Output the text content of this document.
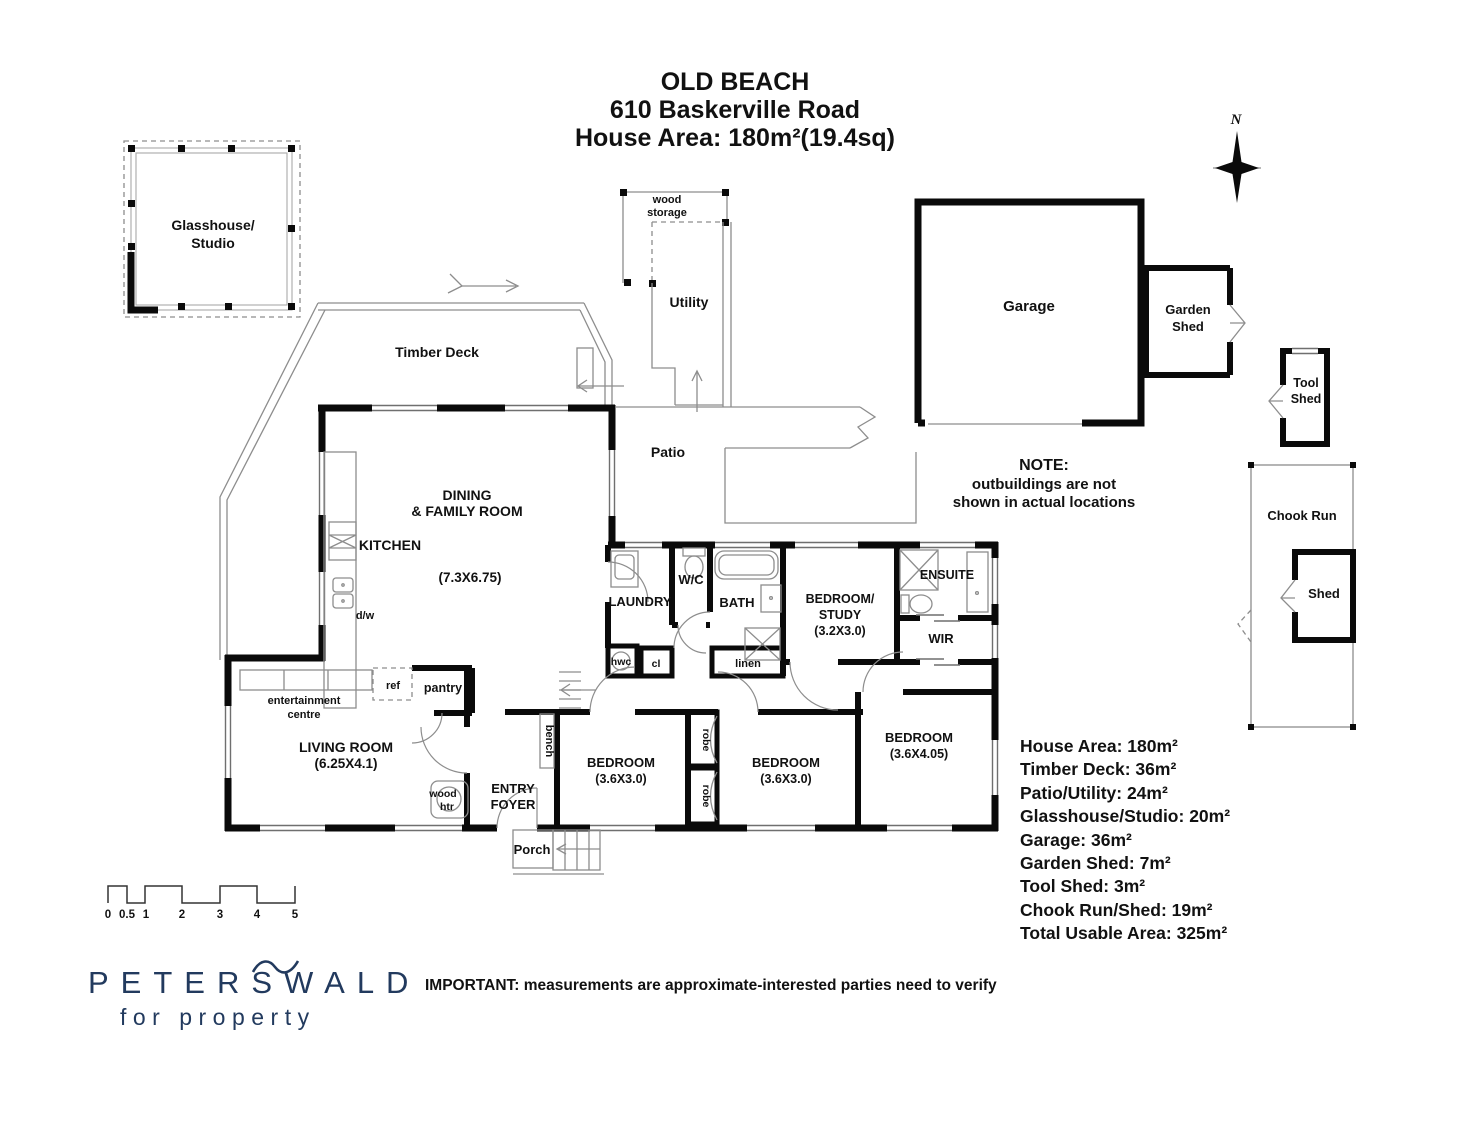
OLD BEACH
610 Baskerville Road
House Area: 180m²(19.4sq)
N
Glasshouse/
Studio
wood
storage
Utility
Patio
Garage	Garden
Shed
Tool
Shed
Chook Run
Shed
NOTE:
outbuildings are not
shown in actual locations
Timber Deck
Porch
DINING
& FAMILY ROOM
(7.3X6.75)
KITCHEN
d/w
LAUNDRY
W/C
BATH	BEDROOM/
STUDY
(3.2X3.0)
ENSUITE
WIR
hwc cl	linen
entertainment
centre
ref pantry
LIVING ROOM
(6.25X4.1)
bench
wood
htr
ENTRY
FOYER
BEDROOM
(3.6X3.0)
robe
robe
BEDROOM
(3.6X3.0)
BEDROOM
(3.6X4.05)	House Area: 180m²
Timber Deck: 36m²
Patio/Utility: 24m²
Glasshouse/Studio: 20m²
Garage: 36m²
Garden Shed: 7m²
Tool Shed: 3m²
Chook Run/Shed: 19m²
Total Usable Area: 325m²
0 0.5 1	2	3	4	5
PETERSWALD
for property
IMPORTANT: measurements are approximate-interested parties need to verify
